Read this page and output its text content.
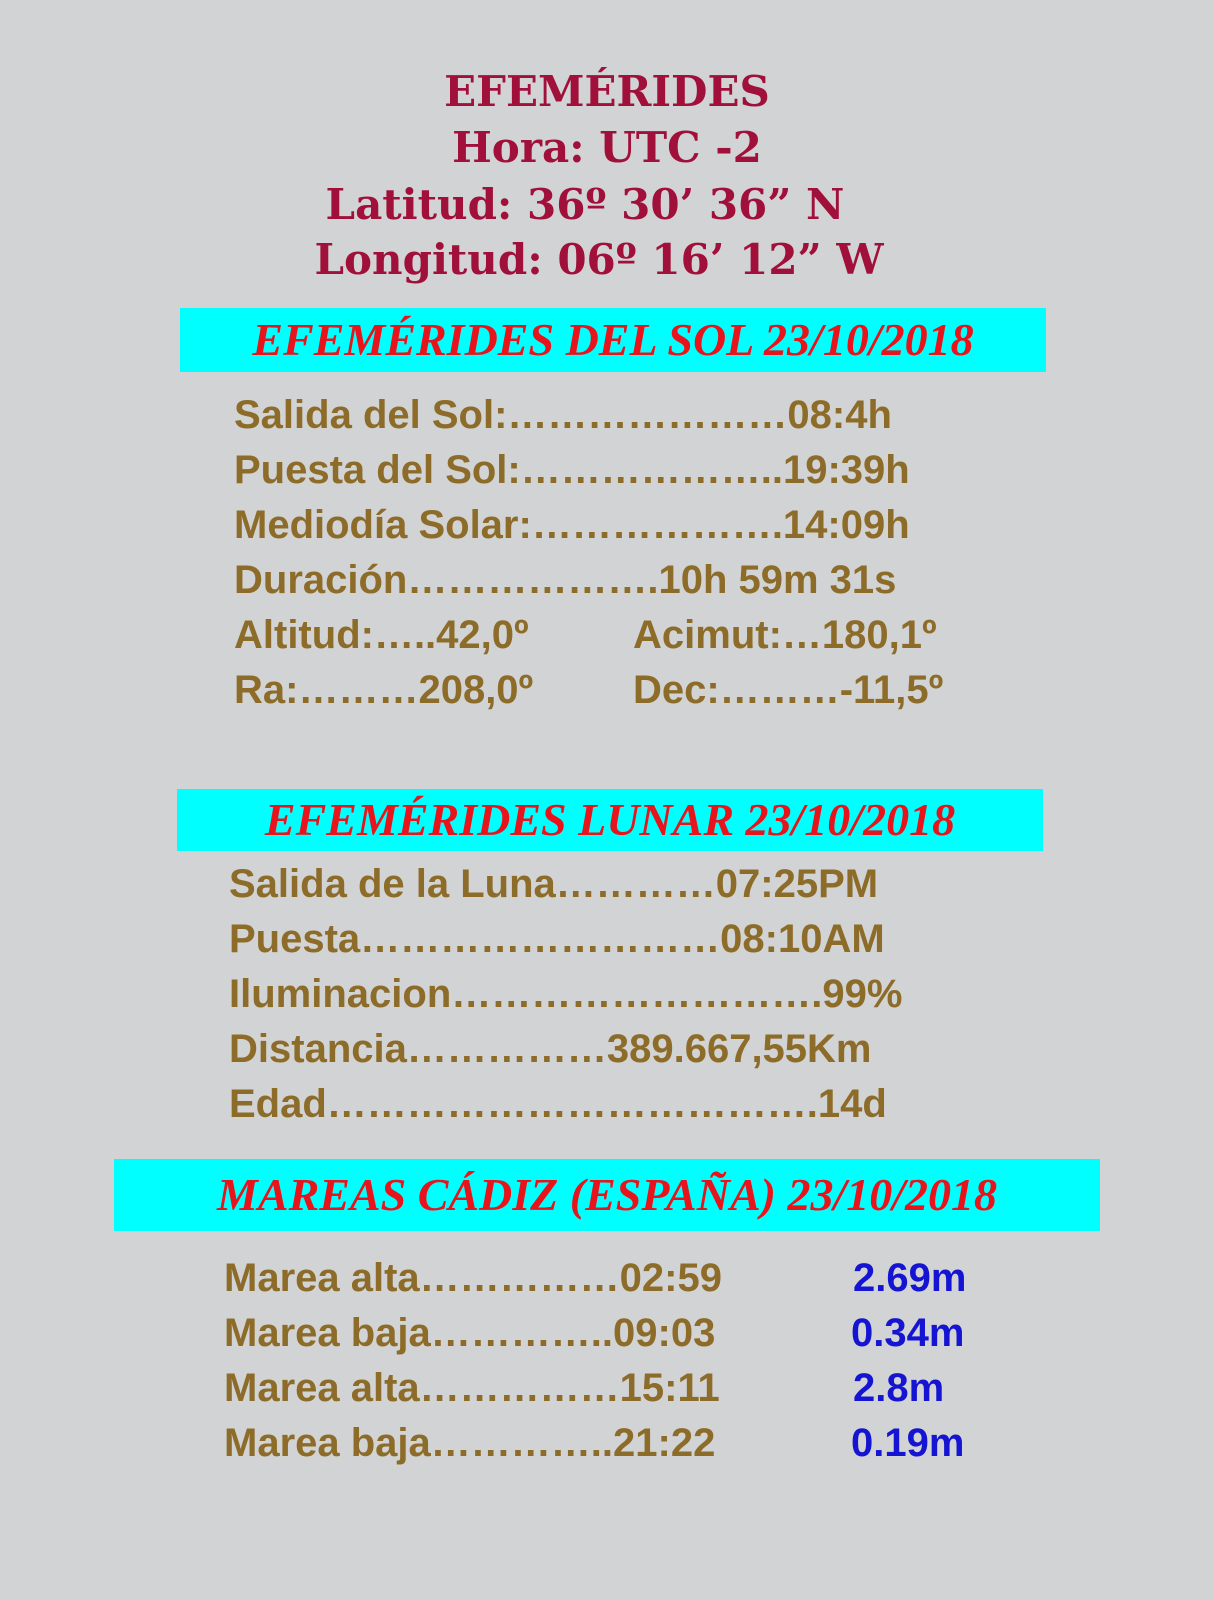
EFEMÉRIDES
Hora: UTC -2
Latitud: 36º 30’ 36” N
Longitud: 06º 16’ 12” W
EFEMÉRIDES DEL SOL 23/10/2018
Salida del Sol:…………………08:4h
Puesta del Sol:………………..19:39h
Mediodía Solar:……………….14:09h
Duración……………….10h 59m 31s
Altitud:…..42,0º	Acimut:…180,1º
Ra:………208,0º Dec:………-11,5º
EFEMÉRIDES LUNAR 23/10/2018
Salida de la Luna…………07:25PM
Puesta………………………08:10AM
Iluminacion……………………….99%
Distancia……………389.667,55Km
Edad……………………………….14d
MAREAS CÁDIZ (ESPAÑA) 23/10/2018
Marea alta……………02:59	2.69m
Marea baja…………..09:03	0.34m
Marea alta……………15:11	2.8m
Marea baja…………..21:22	0.19m
